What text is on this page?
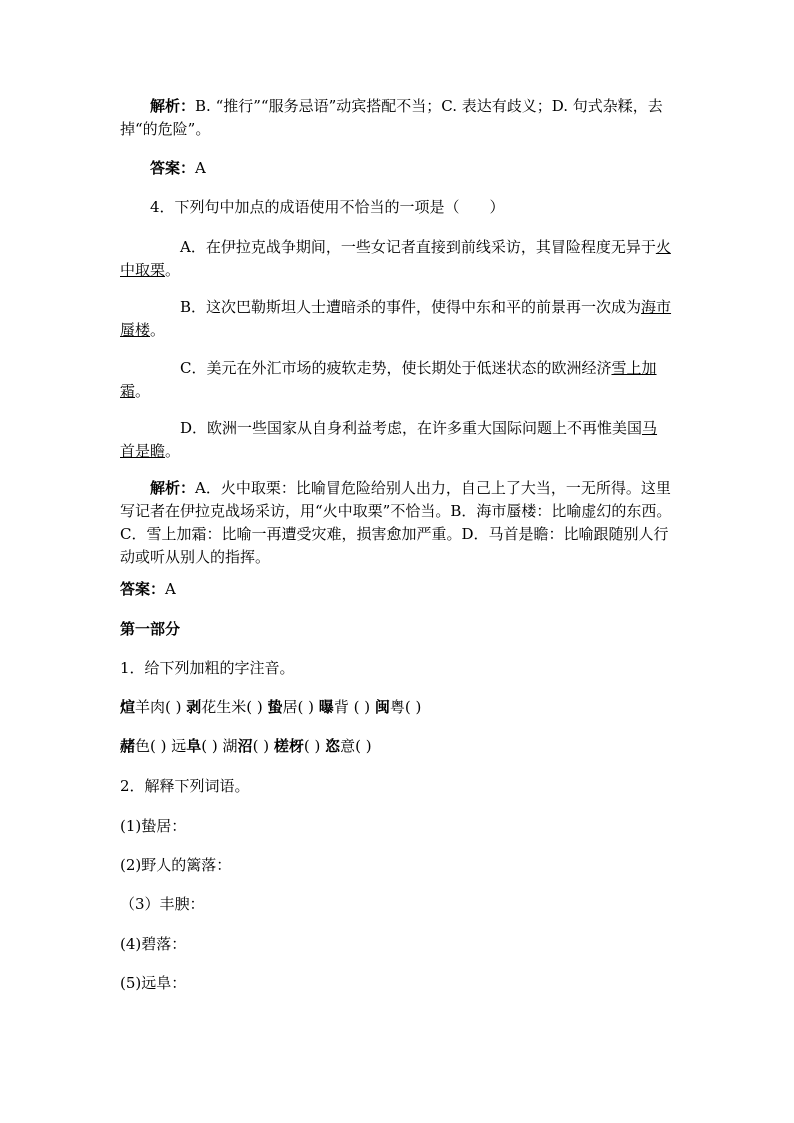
解析：B. “推行”“服务忌语”动宾搭配不当；C. 表达有歧义；D. 句式杂糅，去掉“的危险”。

答案：A

4．下列句中加点的成语使用不恰当的一项是（　　）

A．在伊拉克战争期间，一些女记者直接到前线采访，其冒险程度无异于火中取栗。

B．这次巴勒斯坦人士遭暗杀的事件，使得中东和平的前景再一次成为海市蜃楼。

C．美元在外汇市场的疲软走势，使长期处于低迷状态的欧洲经济雪上加霜。

D．欧洲一些国家从自身利益考虑，在许多重大国际问题上不再惟美国马首是瞻。

解析：A．火中取栗：比喻冒危险给别人出力，自己上了大当，一无所得。这里写记者在伊拉克战场采访，用“火中取栗”不恰当。B．海市蜃楼：比喻虚幻的东西。C．雪上加霜：比喻一再遭受灾难，损害愈加严重。D．马首是瞻：比喻跟随别人行动或听从别人的指挥。

答案：A

第一部分

1．给下列加粗的字注音。

煊羊肉( ) 剥花生米( ) 蛰居( ) 曝背 ( ) 闽粤( )

赭色( ) 远阜( ) 湖沼( ) 槎枒( ) 恣意( )

2．解释下列词语。

(1)蛰居：

(2)野人的篱落：

（3）丰腴：

(4)碧落：

(5)远阜：
